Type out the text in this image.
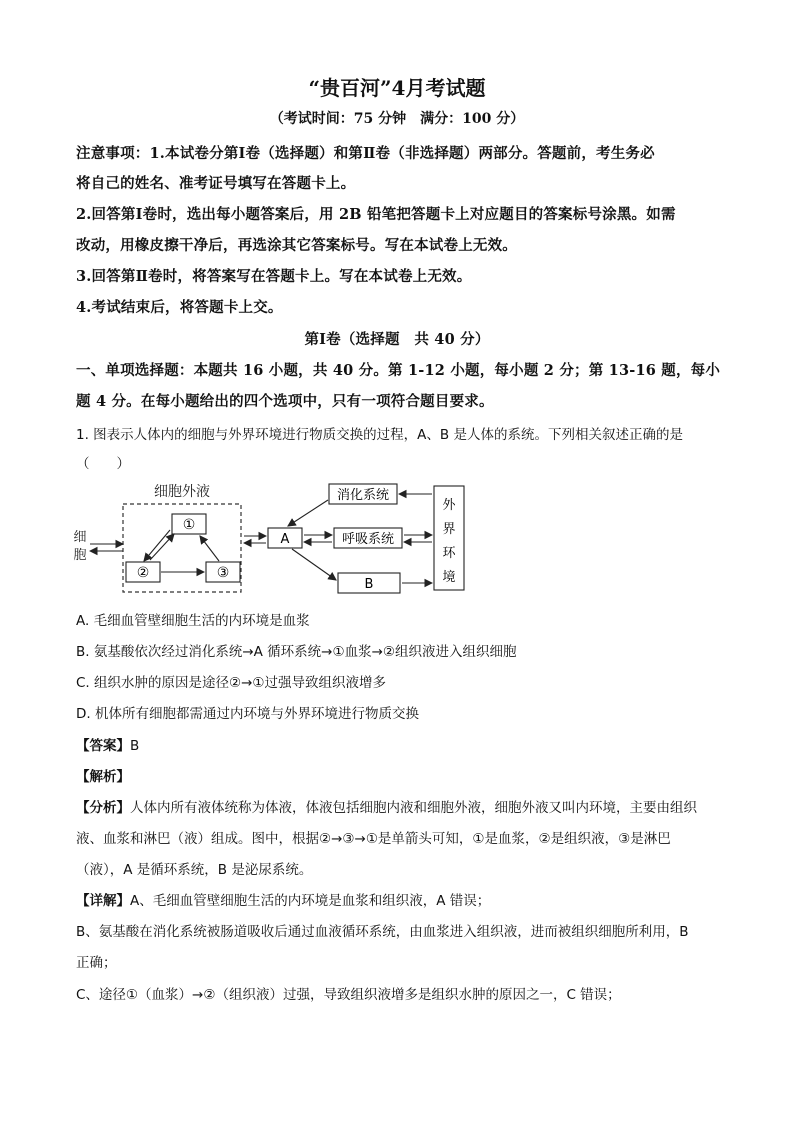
“贵百河”4月考试题
（考试时间：75 分钟　满分：100 分）
注意事项：1.本试卷分第Ⅰ卷（选择题）和第Ⅱ卷（非选择题）两部分。答题前，考生务必
将自己的姓名、准考证号填写在答题卡上。
2.回答第Ⅰ卷时，选出每小题答案后，用 2B 铅笔把答题卡上对应题目的答案标号涂黑。如需
改动，用橡皮擦干净后，再选涂其它答案标号。写在本试卷上无效。
3.回答第Ⅱ卷时，将答案写在答题卡上。写在本试卷上无效。
4.考试结束后，将答题卡上交。
第Ⅰ卷（选择题　共 40 分）
一、单项选择题：本题共 16 小题，共 40 分。第 1-12 小题，每小题 2 分；第 13-16 题，每小
题 4 分。在每小题给出的四个选项中，只有一项符合题目要求。
1. 图表示人体内的细胞与外界环境进行物质交换的过程，A、B 是人体的系统。下列相关叙述正确的是
（　　）
细胞外液
细
胞
①
②	③
A
消化系统
呼吸系统
B
外
界
环
境
A. 毛细血管壁细胞生活的内环境是血浆
B. 氨基酸依次经过消化系统→A 循环系统→①血浆→②组织液进入组织细胞
C. 组织水肿的原因是途径②→①过强导致组织液增多
D. 机体所有细胞都需通过内环境与外界环境进行物质交换
【答案】B
【解析】
【分析】人体内所有液体统称为体液，体液包括细胞内液和细胞外液，细胞外液又叫内环境，主要由组织
液、血浆和淋巴（液）组成。图中，根据②→③→①是单箭头可知，①是血浆，②是组织液，③是淋巴
（液），A 是循环系统，B 是泌尿系统。
【详解】A、毛细血管壁细胞生活的内环境是血浆和组织液，A 错误；
B、氨基酸在消化系统被肠道吸收后通过血液循环系统，由血浆进入组织液，进而被组织细胞所利用，B
正确；
C、途径①（血浆）→②（组织液）过强，导致组织液增多是组织水肿的原因之一，C 错误；
